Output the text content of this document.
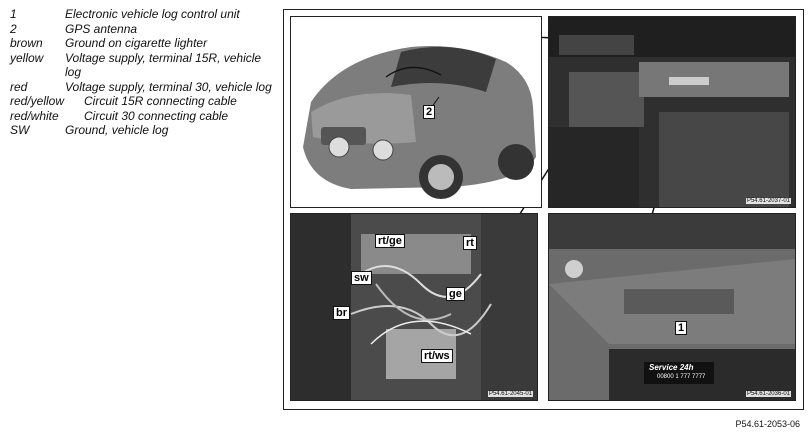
1	Electronic vehicle log control unit
2	GPS antenna
brown	Ground on cigarette lighter
yellow	Voltage supply, terminal 15R, vehicle log
red	Voltage supply, terminal 30, vehicle log
red/yellow	Circuit 15R connecting cable
red/white	Circuit 30 connecting cable
SW	Ground, vehicle log
2
P54.61-2037-01
rt/ge	rt
sw
ge
br
rt/ws
P54.61-2045-01
1
Service 24h
00800 1 777 7777
P54.61-2036-01
P54.61-2053-06
